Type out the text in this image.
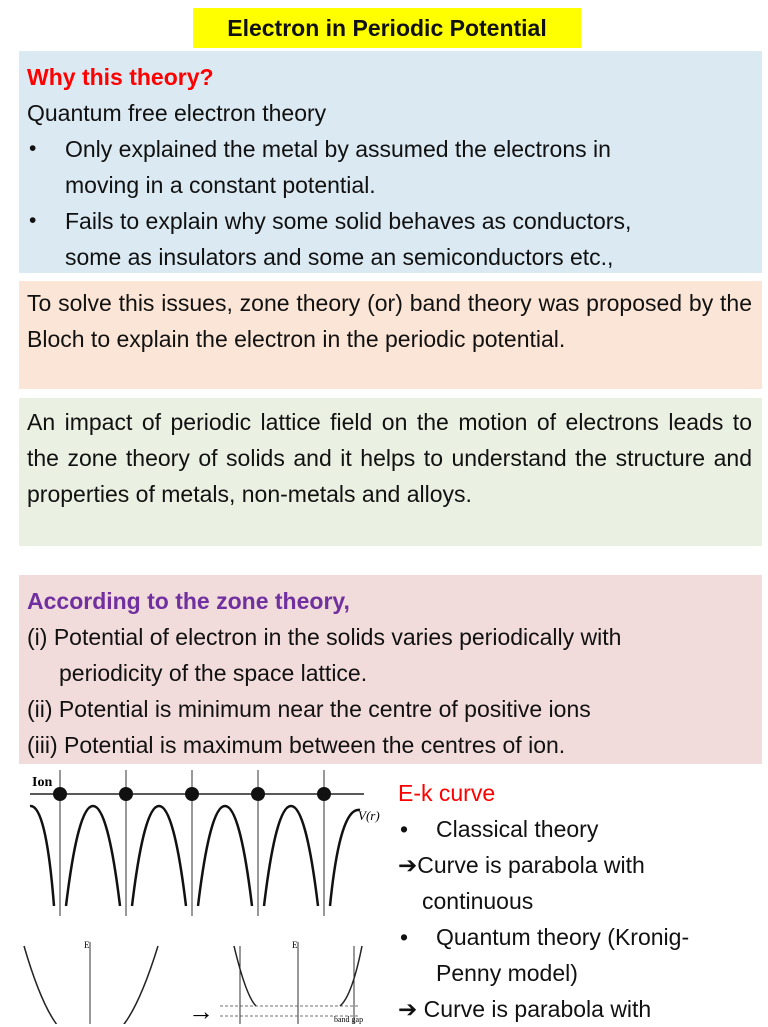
Electron in Periodic Potential
Why this theory?
Quantum free electron theory
• Only explained the metal by assumed the electrons in
moving in a constant potential.
• Fails to explain why some solid behaves as conductors,
some as insulators and some an semiconductors etc.,
To solve this issues, zone theory (or) band theory was proposed by the Bloch to explain the electron in the periodic potential.
An impact of periodic lattice field on the motion of electrons leads to the zone theory of solids and it helps to understand the structure and properties of metals, non-metals and alloys.
According to the zone theory,
(i) Potential of electron in the solids varies periodically with
periodicity of the space lattice.
(ii) Potential is minimum near the centre of positive ions
(iii) Potential is maximum between the centres of ion.
Ion
V(r)
E
→
E
band gap
E-k curve
• Classical theory
➔Curve is parabola with
continuous
• Quantum theory (Kronig-
Penny model)
➔ Curve is parabola with
